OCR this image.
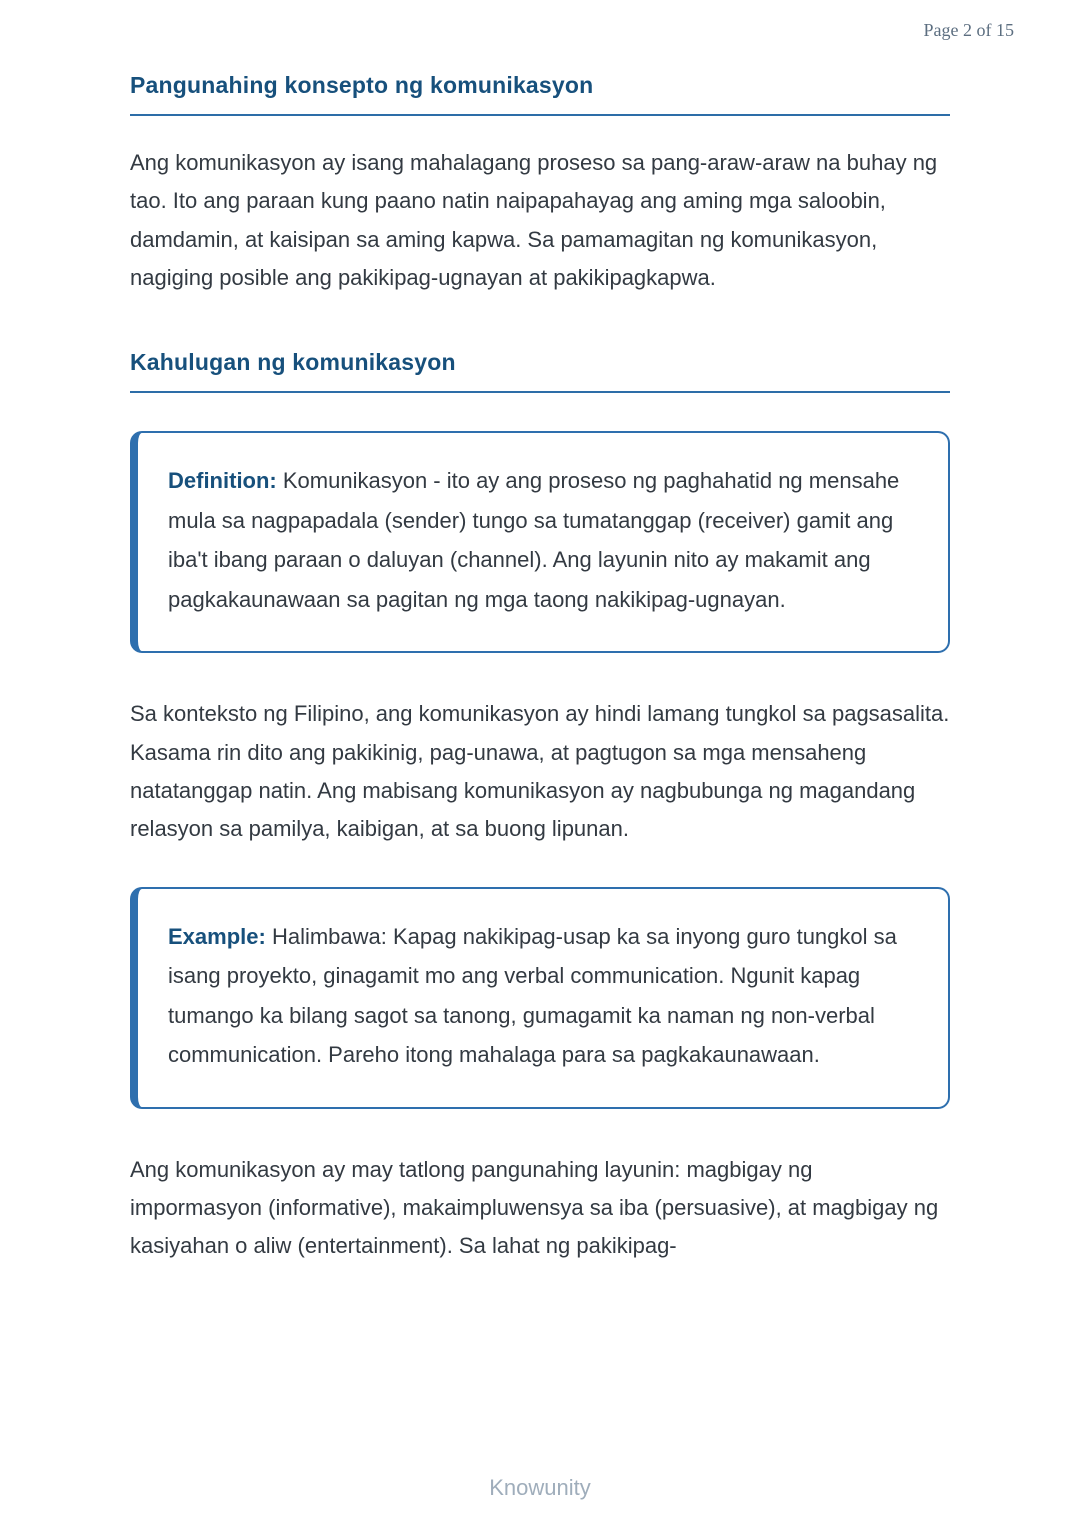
Page 2 of 15
Pangunahing konsepto ng komunikasyon

Ang komunikasyon ay isang mahalagang proseso sa pang-araw-araw na buhay ng tao. Ito ang paraan kung paano natin naipapahayag ang aming mga saloobin, damdamin, at kaisipan sa aming kapwa. Sa pamamagitan ng komunikasyon, nagiging posible ang pakikipag-ugnayan at pakikipagkapwa.

Kahulugan ng komunikasyon
Definition: Komunikasyon - ito ay ang proseso ng paghahatid ng mensahe mula sa nagpapadala (sender) tungo sa tumatanggap (receiver) gamit ang iba't ibang paraan o daluyan (channel). Ang layunin nito ay makamit ang pagkakaunawaan sa pagitan ng mga taong nakikipag-ugnayan.

Sa konteksto ng Filipino, ang komunikasyon ay hindi lamang tungkol sa pagsasalita. Kasama rin dito ang pakikinig, pag-unawa, at pagtugon sa mga mensaheng natatanggap natin. Ang mabisang komunikasyon ay nagbubunga ng magandang relasyon sa pamilya, kaibigan, at sa buong lipunan.

Example: Halimbawa: Kapag nakikipag-usap ka sa inyong guro tungkol sa isang proyekto, ginagamit mo ang verbal communication. Ngunit kapag tumango ka bilang sagot sa tanong, gumagamit ka naman ng non-verbal communication. Pareho itong mahalaga para sa pagkakaunawaan.

Ang komunikasyon ay may tatlong pangunahing layunin: magbigay ng impormasyon (informative), makaimpluwensya sa iba (persuasive), at magbigay ng kasiyahan o aliw (entertainment). Sa lahat ng pakikipag-

Knowunity
